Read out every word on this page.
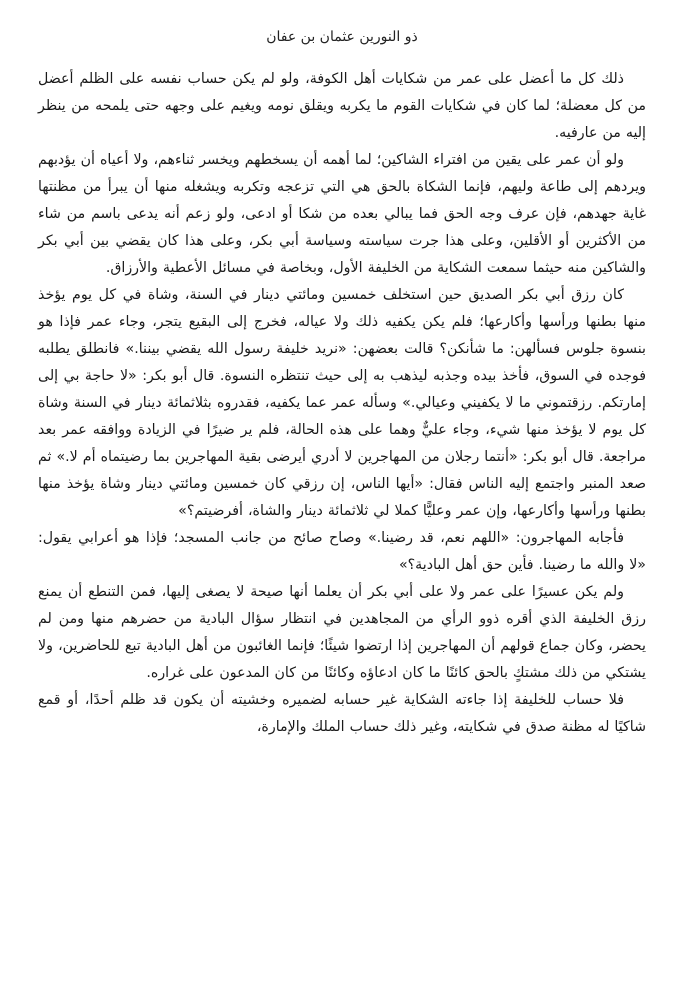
ذو النورين عثمان بن عفان

ذلك كل ما أعضل على عمر من شكايات أهل الكوفة، ولو لم يكن حساب نفسه على الظلم أعضل من كل معضلة؛ لما كان في شكايات القوم ما يكربه ويقلق نومه ويغيم على وجهه حتى يلمحه من ينظر إليه من عارفيه.

ولو أن عمر على يقين من افتراء الشاكين؛ لما أهمه أن يسخطهم ويخسر ثناءهم، ولا أعياه أن يؤدبهم ويردهم إلى طاعة وليهم، فإنما الشكاة بالحق هي التي تزعجه وتكربه ويشغله منها أن يبرأ من مظنتها غاية جهدهم، فإن عرف وجه الحق فما يبالي بعده من شكا أو ادعى، ولو زعم أنه يدعى باسم من شاء من الأكثرين أو الأقلين، وعلى هذا جرت سياسته وسياسة أبي بكر، وعلى هذا كان يقضي بين أبي بكر والشاكين منه حيثما سمعت الشكاية من الخليفة الأول، وبخاصة في مسائل الأعطية والأرزاق.

كان رزق أبي بكر الصديق حين استخلف خمسين ومائتي دينار في السنة، وشاة في كل يوم يؤخذ منها بطنها ورأسها وأكارعها؛ فلم يكن يكفيه ذلك ولا عياله، فخرج إلى البقيع يتجر، وجاء عمر فإذا هو بنسوة جلوس فسألهن: ما شأنكن؟ قالت بعضهن: «نريد خليفة رسول الله يقضي بيننا.» فانطلق يطلبه فوجده في السوق، فأخذ بيده وجذبه ليذهب به إلى حيث تنتظره النسوة. قال أبو بكر: «لا حاجة بي إلى إمارتكم. رزقتموني ما لا يكفيني وعيالي.» وسأله عمر عما يكفيه، فقدروه بثلاثمائة دينار في السنة وشاة كل يوم لا يؤخذ منها شيء، وجاء عليٌّ وهما على هذه الحالة، فلم ير ضيرًا في الزيادة ووافقه عمر بعد مراجعة. قال أبو بكر: «أنتما رجلان من المهاجرين لا أدري أيرضى بقية المهاجرين بما رضيتماه أم لا.» ثم صعد المنبر واجتمع إليه الناس فقال: «أيها الناس، إن رزقي كان خمسين ومائتي دينار وشاة يؤخذ منها بطنها ورأسها وأكارعها، وإن عمر وعليًّا كملا لي ثلاثمائة دينار والشاة، أفرضيتم؟»

فأجابه المهاجرون: «اللهم نعم، قد رضينا.» وصاح صائح من جانب المسجد؛ فإذا هو أعرابي يقول: «لا والله ما رضينا. فأين حق أهل البادية؟»

ولم يكن عسيرًا على عمر ولا على أبي بكر أن يعلما أنها صيحة لا يصغى إليها، فمن التنطع أن يمنع رزق الخليفة الذي أقره ذوو الرأي من المجاهدين في انتظار سؤال البادية من حضرهم منها ومن لم يحضر، وكان جماع قولهم أن المهاجرين إذا ارتضوا شيئًا؛ فإنما الغائبون من أهل البادية تبع للحاضرين، ولا يشتكي من ذلك مشتكٍ بالحق كائنًا ما كان ادعاؤه وكائنًا من كان المدعون على غراره.

فلا حساب للخليفة إذا جاءته الشكاية غير حسابه لضميره وخشيته أن يكون قد ظلم أحدًا، أو قمع شاكيًا له مظنة صدق في شكايته، وغير ذلك حساب الملك والإمارة،
